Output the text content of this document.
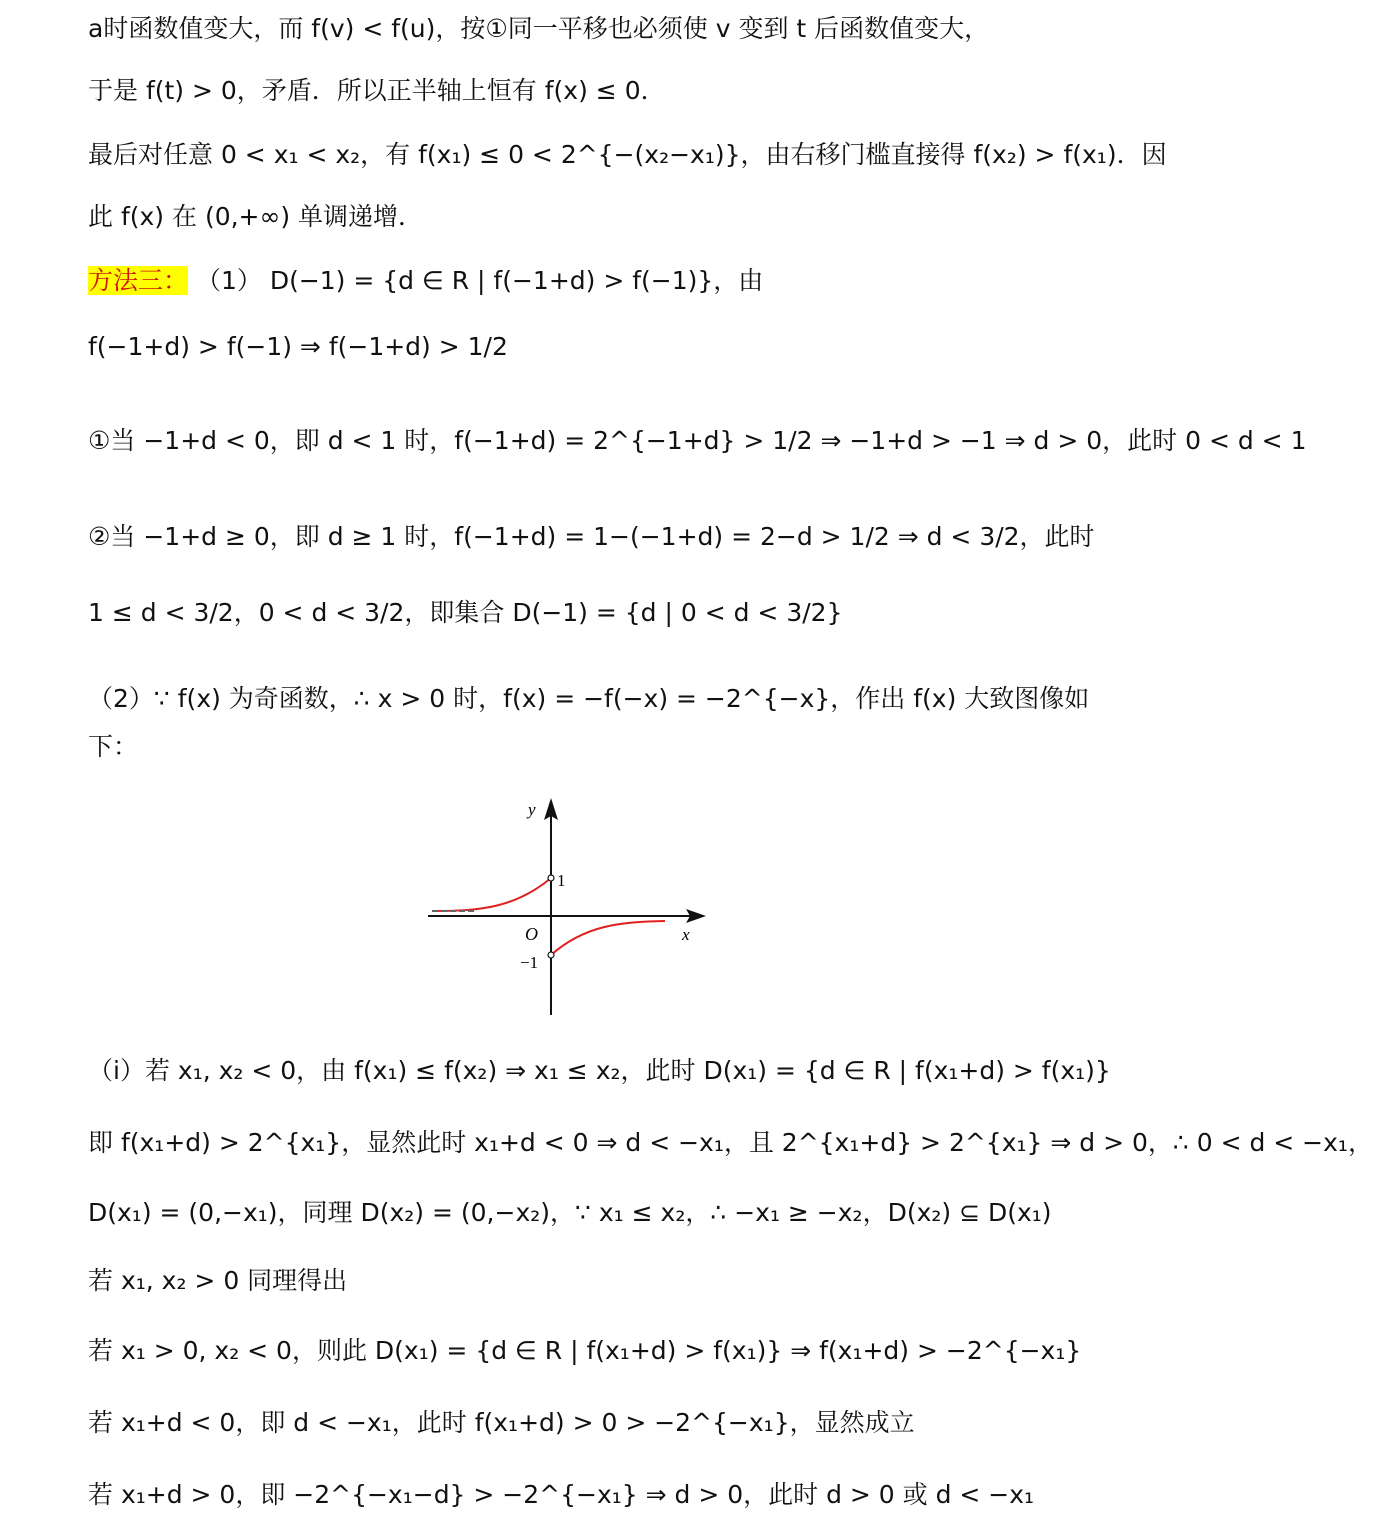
a时函数值变大，而 f(v) < f(u)，按①同一平移也必须使 v 变到 t 后函数值变大，
于是 f(t) > 0，矛盾．所以正半轴上恒有 f(x) ≤ 0．
最后对任意 0 < x₁ < x₂，有 f(x₁) ≤ 0 < 2^{−(x₂−x₁)}，由右移门槛直接得 f(x₂) > f(x₁)．因
此 f(x) 在 (0,+∞) 单调递增．
方法三： （1） D(−1) = {d ∈ R | f(−1+d) > f(−1)}，由
f(−1+d) > f(−1) ⇒ f(−1+d) > 1/2
①当 −1+d < 0，即 d < 1 时，f(−1+d) = 2^{−1+d} > 1/2 ⇒ −1+d > −1 ⇒ d > 0，此时 0 < d < 1
②当 −1+d ≥ 0，即 d ≥ 1 时，f(−1+d) = 1−(−1+d) = 2−d > 1/2 ⇒ d < 3/2，此时
1 ≤ d < 3/2，0 < d < 3/2，即集合 D(−1) = {d | 0 < d < 3/2}
（2）∵ f(x) 为奇函数，∴ x > 0 时，f(x) = −f(−x) = −2^{−x}，作出 f(x) 大致图像如
下：
y
x
O
1
−1
（i）若 x₁, x₂ < 0，由 f(x₁) ≤ f(x₂) ⇒ x₁ ≤ x₂，此时 D(x₁) = {d ∈ R | f(x₁+d) > f(x₁)}
即 f(x₁+d) > 2^{x₁}，显然此时 x₁+d < 0 ⇒ d < −x₁，且 2^{x₁+d} > 2^{x₁} ⇒ d > 0，∴ 0 < d < −x₁，
D(x₁) = (0,−x₁)，同理 D(x₂) = (0,−x₂)，∵ x₁ ≤ x₂，∴ −x₁ ≥ −x₂，D(x₂) ⊆ D(x₁)
若 x₁, x₂ > 0 同理得出
若 x₁ > 0, x₂ < 0，则此 D(x₁) = {d ∈ R | f(x₁+d) > f(x₁)} ⇒ f(x₁+d) > −2^{−x₁}
若 x₁+d < 0，即 d < −x₁，此时 f(x₁+d) > 0 > −2^{−x₁}，显然成立
若 x₁+d > 0，即 −2^{−x₁−d} > −2^{−x₁} ⇒ d > 0，此时 d > 0 或 d < −x₁
